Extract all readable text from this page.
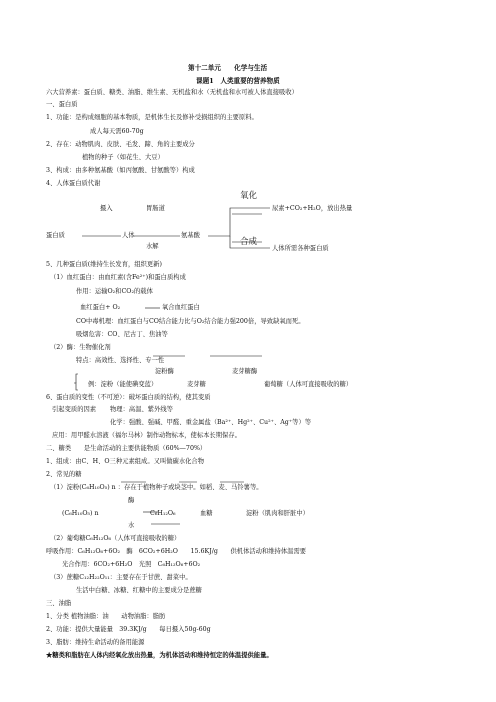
第十二单元　　 化学与生活
课题1　人类重要的营养物质
六大营养素：蛋白质、糖类、油脂、维生素、无机盐和水（无机盐和水可被人体直接吸收）
一、蛋白质
1、功能：是构成细胞的基本物质，是机体生长及修补受损组织的主要原料。
成人每天需60-70g
2、存在：动物肌肉、皮肤、毛发、蹄、角的主要成分
植物的种子（如花生、大豆）
3、构成：由多种氨基酸（如丙氨酸、甘氨酸等）构成
4、人体蛋白质代谢
摄入	胃肠道
氧化
尿素+CO₂+H₂O，放出热量
蛋白质	人体	氨基酸
合成
人体所需各种蛋白质
水解
5、几种蛋白质(维持生长发育，组织更新)
（1）血红蛋白：由血红素(含Fe²⁺)和蛋白质构成
作用：运输O₂和CO₂的载体
血红蛋白+ O₂	氧合血红蛋白
CO中毒机理：血红蛋白与CO结合能力比与O₂结合能力强200倍，导致缺氧而死。
吸烟危害：CO、尼古丁、焦油等
（2）酶：生物催化剂
特点：高效性、选择性、专一性
淀粉酶	麦芽糖酶
例：淀粉（能使碘变蓝）	麦芽糖	葡萄糖（人体可直接吸收的糖）
6、蛋白质的变性（不可逆）：破坏蛋白质的结构，使其变质
引起变质的因素 物理：高温、紫外线等
化学：强酸、强碱、甲醛、重金属盐（Ba²⁺、Hg²⁺、Cu²⁺、Ag⁺等）等
应用：用甲醛水溶液（福尔马林）制作动物标本，使标本长期保存。
二、糖类　　是生命活动的主要供能物质（60%—70%）
1、组成：由C、H、O三种元素组成。又叫做碳水化合物
2、常见的糖
（1）淀粉(C₆H₁₀O₅) n ：存在于植物种子或块茎中。如稻、麦、马铃薯等。
酶
(C₆H₁₀O₅) n	C₆H₁₂O₆	血糖	淀粉（肌肉和肝脏中）
水
（2）葡萄糖C₆H₁₂O₆（人体可直接吸收的糖）
呼吸作用：C₆H₁₂O₆+6O₂　 酶　 6CO₂+6H₂O　　15.6KJ/g　　供机体活动和维持体温需要
光合作用：6CO₂+6H₂O　 光照　 C₆H₁₂O₆+6O₂
（3）蔗糖C₁₂H₂₂O₁₁：主要存在于甘蔗、甜菜中。
生活中白糖、冰糖、红糖中的主要成分是蔗糖
三、油脂
1、分类 植物油脂：油　　动物油脂：脂肪
2、功能：提供大量能量　39.3KJ/g　　每日摄入50g-60g
3、脂肪：维持生命活动的备用能源
★糖类和脂肪在人体内经氧化放出热量，为机体活动和维持恒定的体温提供能量。
